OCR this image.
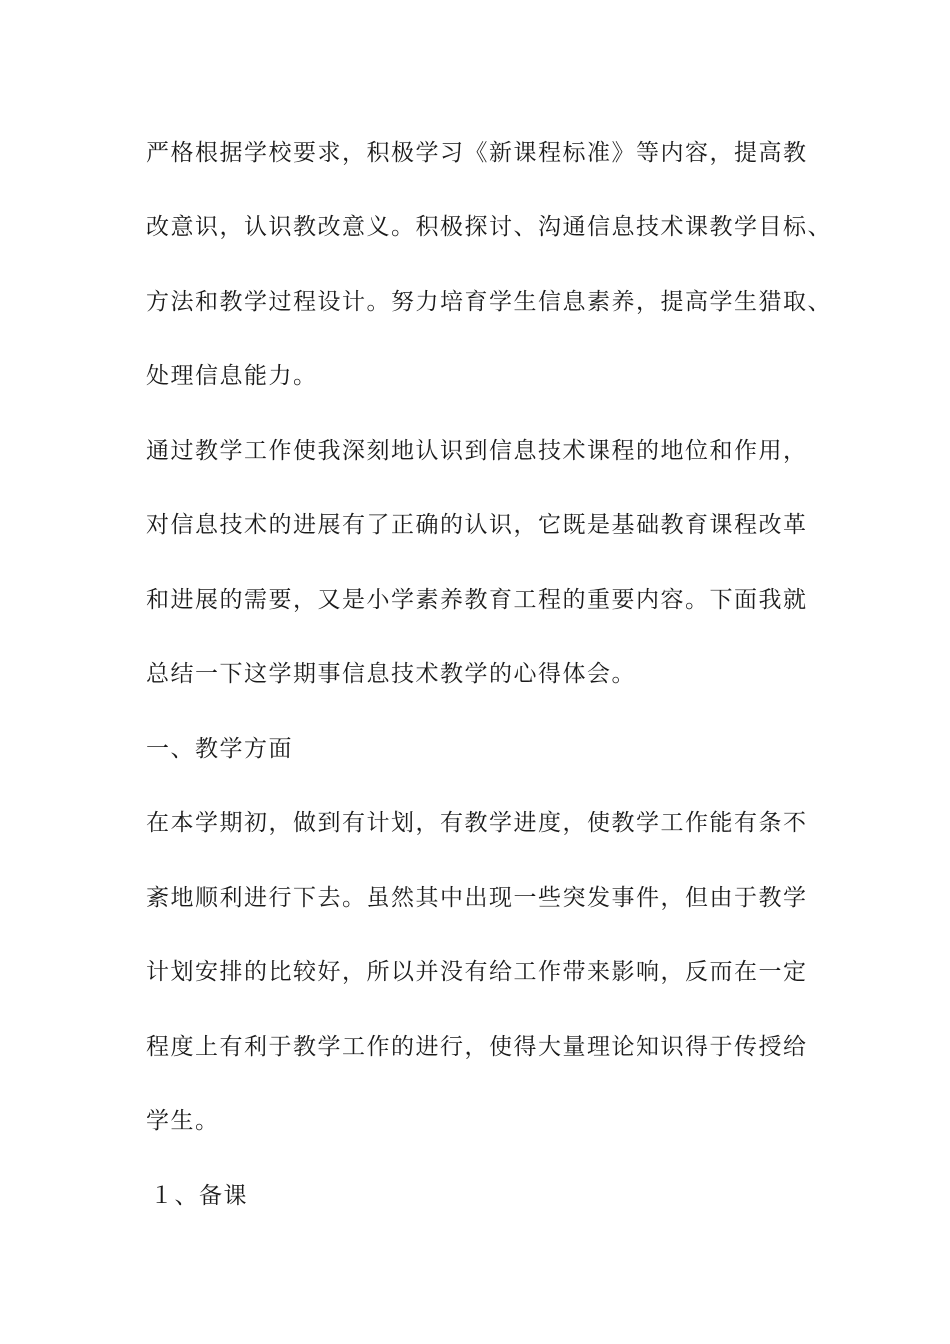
严格根据学校要求，积极学习《新课程标准》等内容，提高教
改意识，认识教改意义。积极探讨、沟通信息技术课教学目标、
方法和教学过程设计。努力培育学生信息素养，提高学生猎取、
处理信息能力。
通过教学工作使我深刻地认识到信息技术课程的地位和作用，
对信息技术的进展有了正确的认识，它既是基础教育课程改革
和进展的需要，又是小学素养教育工程的重要内容。下面我就
总结一下这学期事信息技术教学的心得体会。
一、教学方面
在本学期初，做到有计划，有教学进度，使教学工作能有条不
紊地顺利进行下去。虽然其中出现一些突发事件，但由于教学
计划安排的比较好，所以并没有给工作带来影响，反而在一定
程度上有利于教学工作的进行，使得大量理论知识得于传授给
学生。
１、备课
